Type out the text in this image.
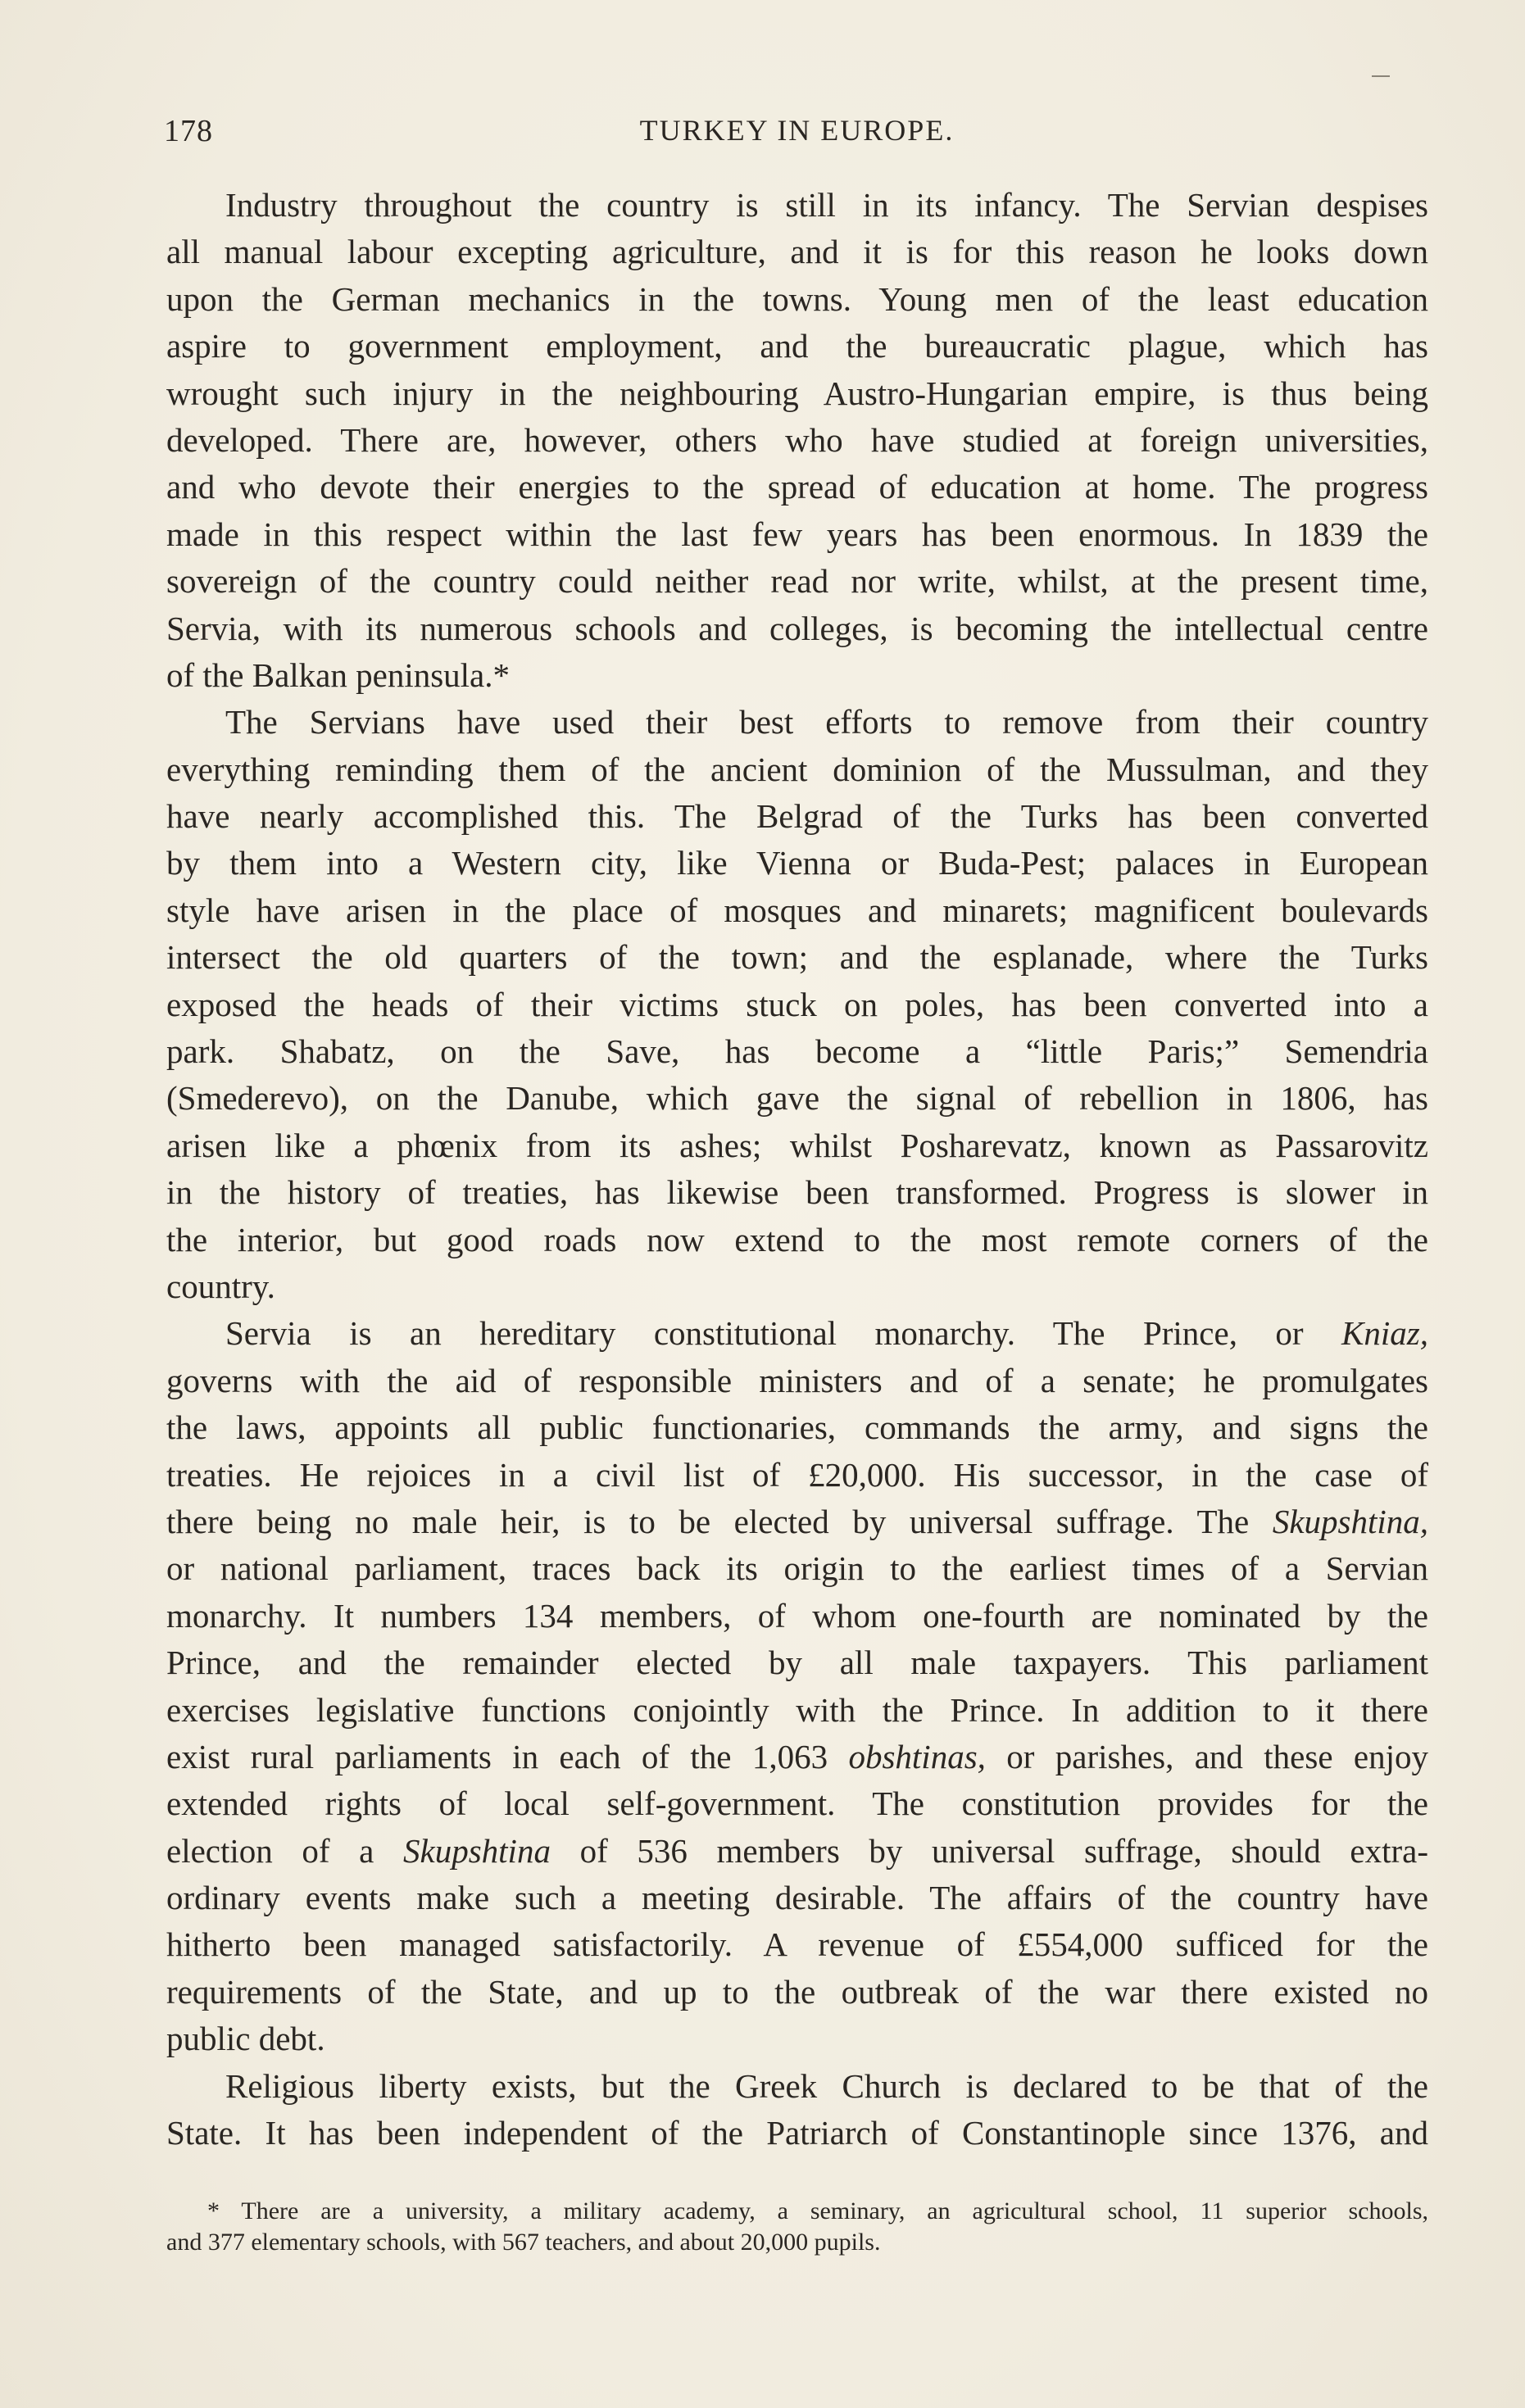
178	TURKEY IN EUROPE.
Industry throughout the country is still in its infancy. The Servian despises
all manual labour excepting agriculture, and it is for this reason he looks down
upon the German mechanics in the towns. Young men of the least education
aspire to government employment, and the bureaucratic plague, which has
wrought such injury in the neighbouring Austro-Hungarian empire, is thus being
developed. There are, however, others who have studied at foreign universities,
and who devote their energies to the spread of education at home. The progress
made in this respect within the last few years has been enormous. In 1839 the
sovereign of the country could neither read nor write, whilst, at the present time,
Servia, with its numerous schools and colleges, is becoming the intellectual centre
of the Balkan peninsula.*
The Servians have used their best efforts to remove from their country
everything reminding them of the ancient dominion of the Mussulman, and they
have nearly accomplished this. The Belgrad of the Turks has been converted
by them into a Western city, like Vienna or Buda-Pest; palaces in European
style have arisen in the place of mosques and minarets; magnificent boulevards
intersect the old quarters of the town; and the esplanade, where the Turks
exposed the heads of their victims stuck on poles, has been converted into a
park. Shabatz, on the Save, has become a “little Paris;” Semendria
(Smederevo), on the Danube, which gave the signal of rebellion in 1806, has
arisen like a phœnix from its ashes; whilst Posharevatz, known as Passarovitz
in the history of treaties, has likewise been transformed. Progress is slower in
the interior, but good roads now extend to the most remote corners of the
country.
Servia is an hereditary constitutional monarchy. The Prince, or Kniaz,
governs with the aid of responsible ministers and of a senate; he promulgates
the laws, appoints all public functionaries, commands the army, and signs the
treaties. He rejoices in a civil list of £20,000. His successor, in the case of
there being no male heir, is to be elected by universal suffrage. The Skupshtina,
or national parliament, traces back its origin to the earliest times of a Servian
monarchy. It numbers 134 members, of whom one-fourth are nominated by the
Prince, and the remainder elected by all male taxpayers. This parliament
exercises legislative functions conjointly with the Prince. In addition to it there
exist rural parliaments in each of the 1,063 obshtinas, or parishes, and these enjoy
extended rights of local self-government. The constitution provides for the
election of a Skupshtina of 536 members by universal suffrage, should extra-
ordinary events make such a meeting desirable. The affairs of the country have
hitherto been managed satisfactorily. A revenue of £554,000 sufficed for the
requirements of the State, and up to the outbreak of the war there existed no
public debt.
Religious liberty exists, but the Greek Church is declared to be that of the
State. It has been independent of the Patriarch of Constantinople since 1376, and
* There are a university, a military academy, a seminary, an agricultural school, 11 superior schools,
and 377 elementary schools, with 567 teachers, and about 20,000 pupils.
